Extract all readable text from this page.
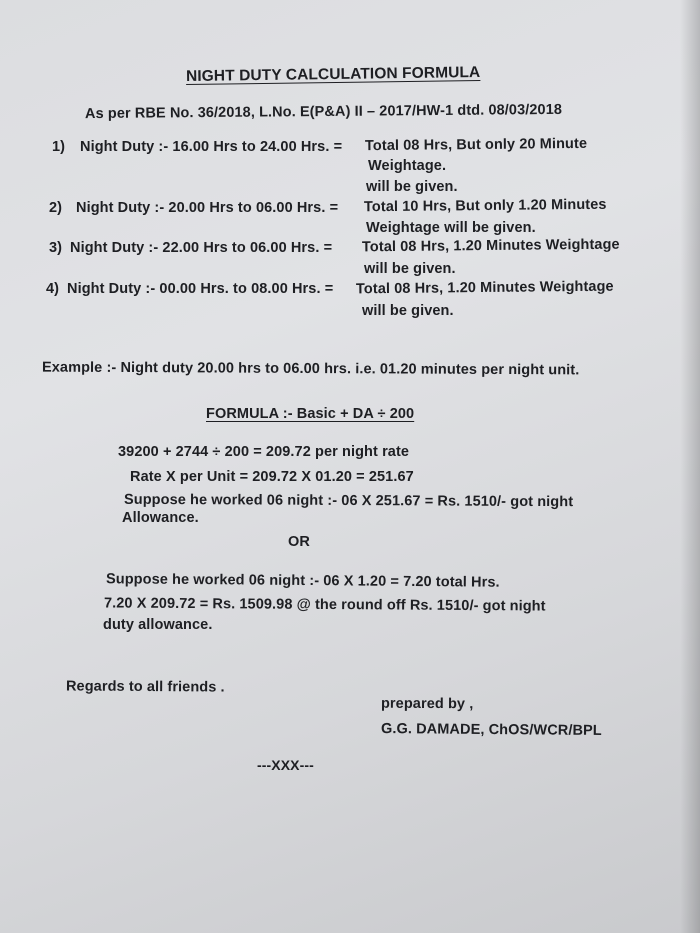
NIGHT DUTY CALCULATION FORMULA
As per RBE No. 36/2018, L.No. E(P&A) II – 2017/HW-1 dtd. 08/03/2018
1) Night Duty :- 16.00 Hrs to 24.00 Hrs. = Total 08 Hrs, But only 20 Minute
Weightage.
will be given.
2) Night Duty :- 20.00 Hrs to 06.00 Hrs. = Total 10 Hrs, But only 1.20 Minutes
Weightage will be given.
3) Night Duty :- 22.00 Hrs to 06.00 Hrs. = Total 08 Hrs, 1.20 Minutes Weightage
will be given.
4) Night Duty :- 00.00 Hrs. to 08.00 Hrs. = Total 08 Hrs, 1.20 Minutes Weightage
will be given.
Example :- Night duty 20.00 hrs to 06.00 hrs. i.e. 01.20 minutes per night unit.
FORMULA :- Basic + DA ÷ 200
39200 + 2744 ÷ 200 = 209.72 per night rate
Rate X per Unit = 209.72 X 01.20 = 251.67
Suppose he worked 06 night :- 06 X 251.67 = Rs. 1510/- got night
Allowance.
OR
Suppose he worked 06 night :- 06 X 1.20 = 7.20 total Hrs.
7.20 X 209.72 = Rs. 1509.98 @ the round off Rs. 1510/- got night
duty allowance.
Regards to all friends .
prepared by ,
G.G. DAMADE, ChOS/WCR/BPL
---XXX---
